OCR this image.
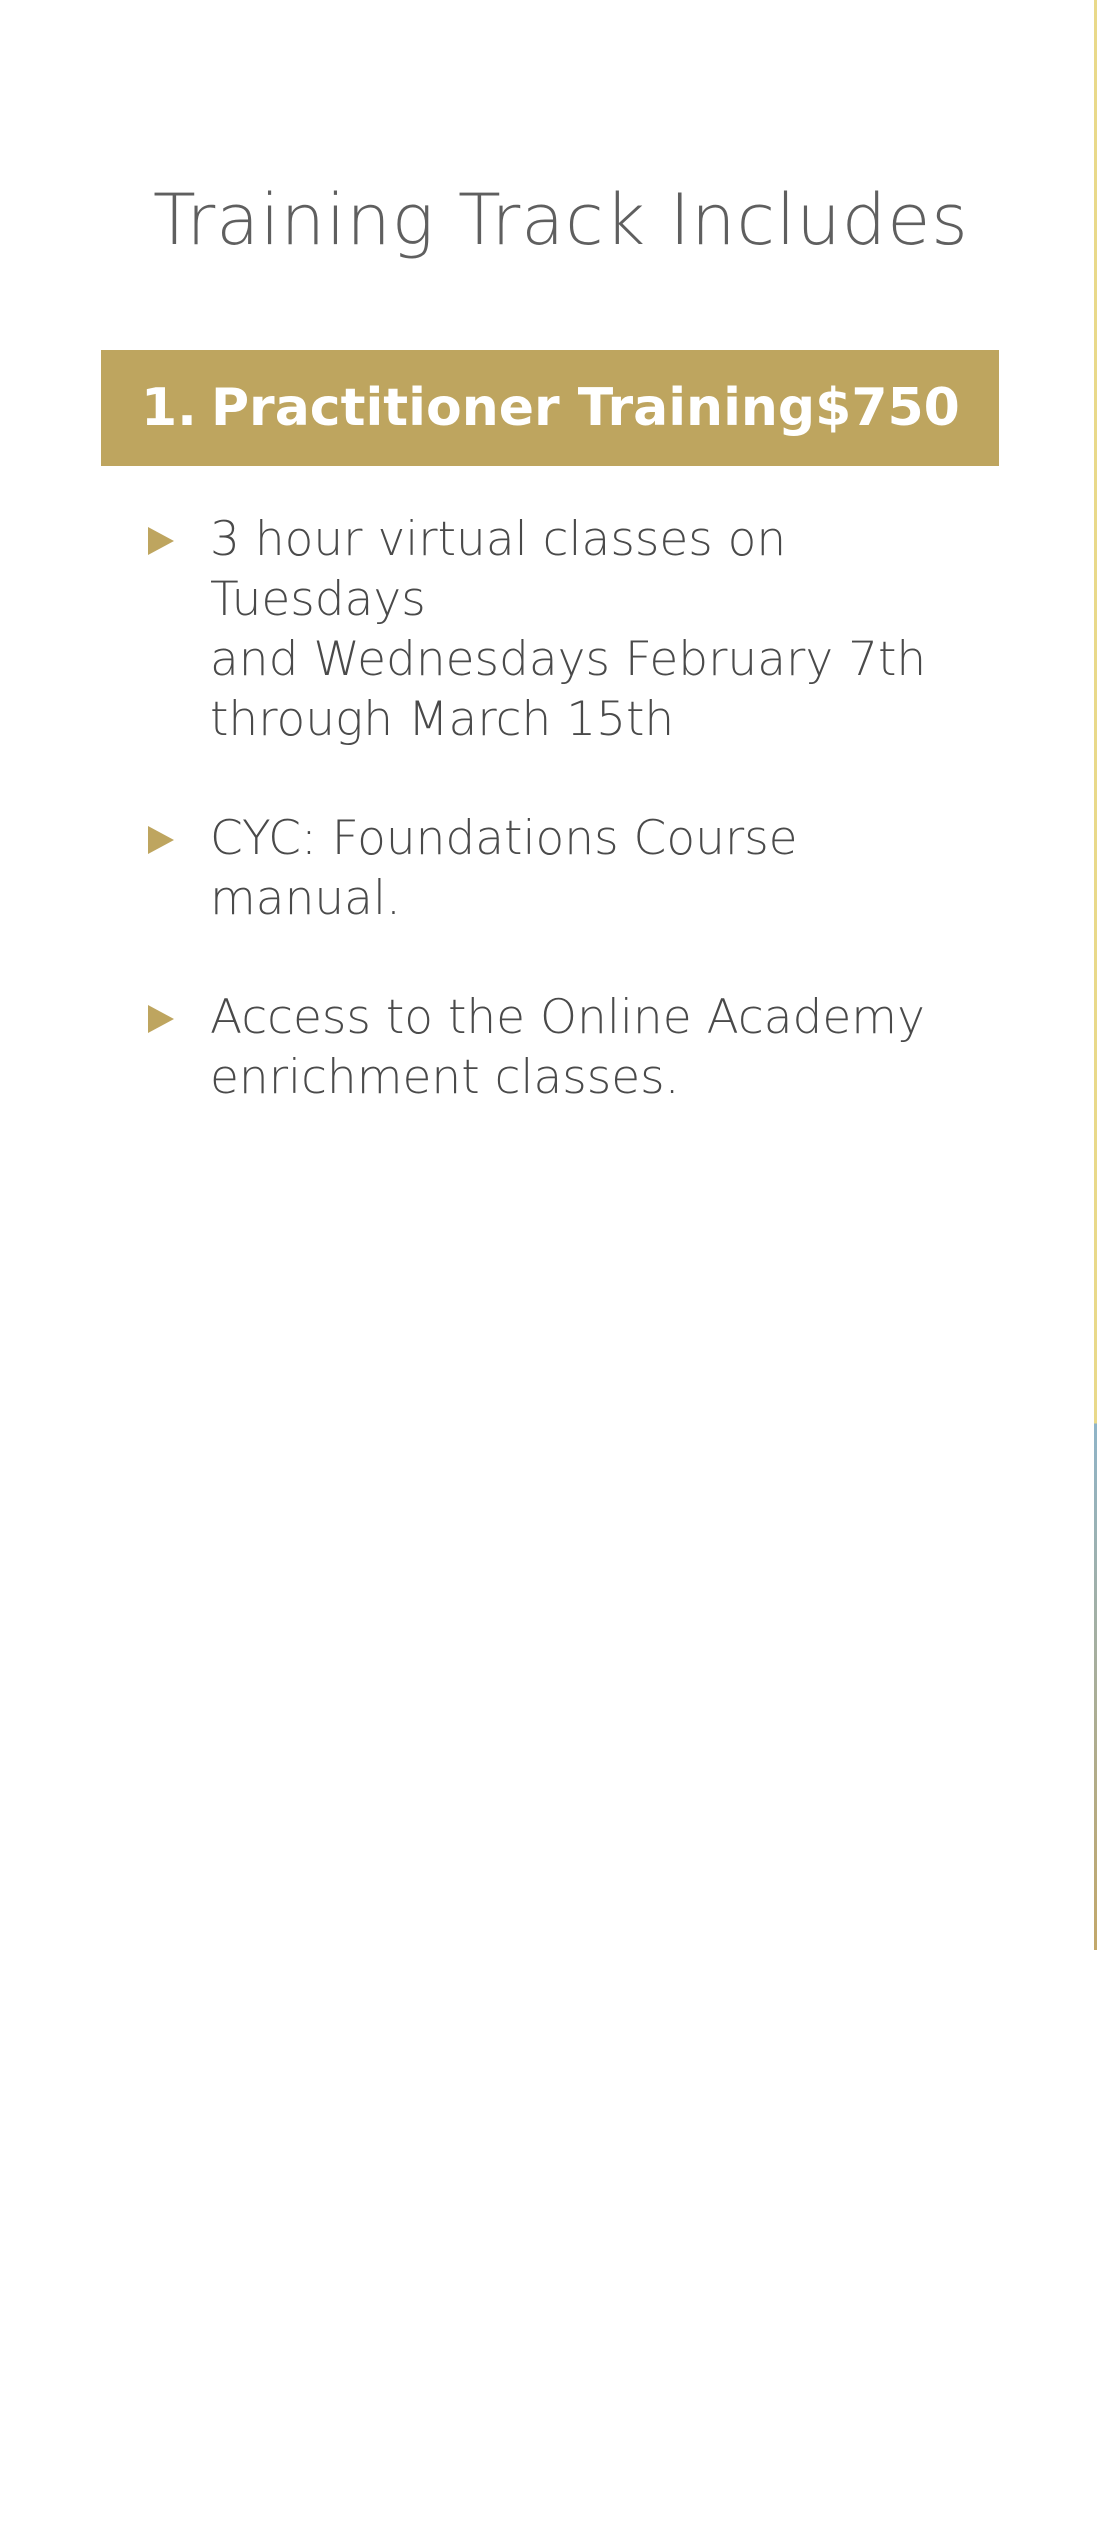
Training Track Includes
1. Practitioner Training $750
3 hour virtual classes on Tuesdays
and Wednesdays February 7th
through March 15th
CYC: Foundations Course manual.
Access to the Online Academy
enrichment classes.
